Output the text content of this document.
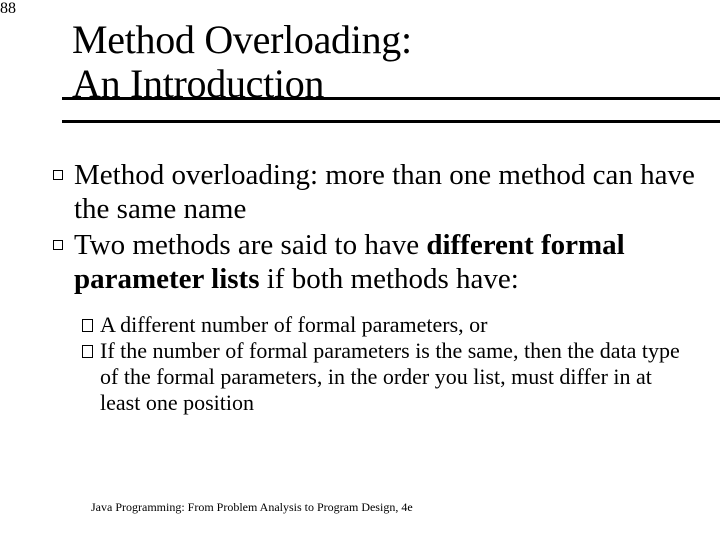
88
Method Overloading:
An Introduction
Method overloading: more than one method can have the same name
Two methods are said to have different formal parameter lists if both methods have:
A different number of formal parameters, or
If the number of formal parameters is the same, then the data type of the formal parameters, in the order you list, must differ in at least one position
Java Programming: From Problem Analysis to Program Design, 4e
